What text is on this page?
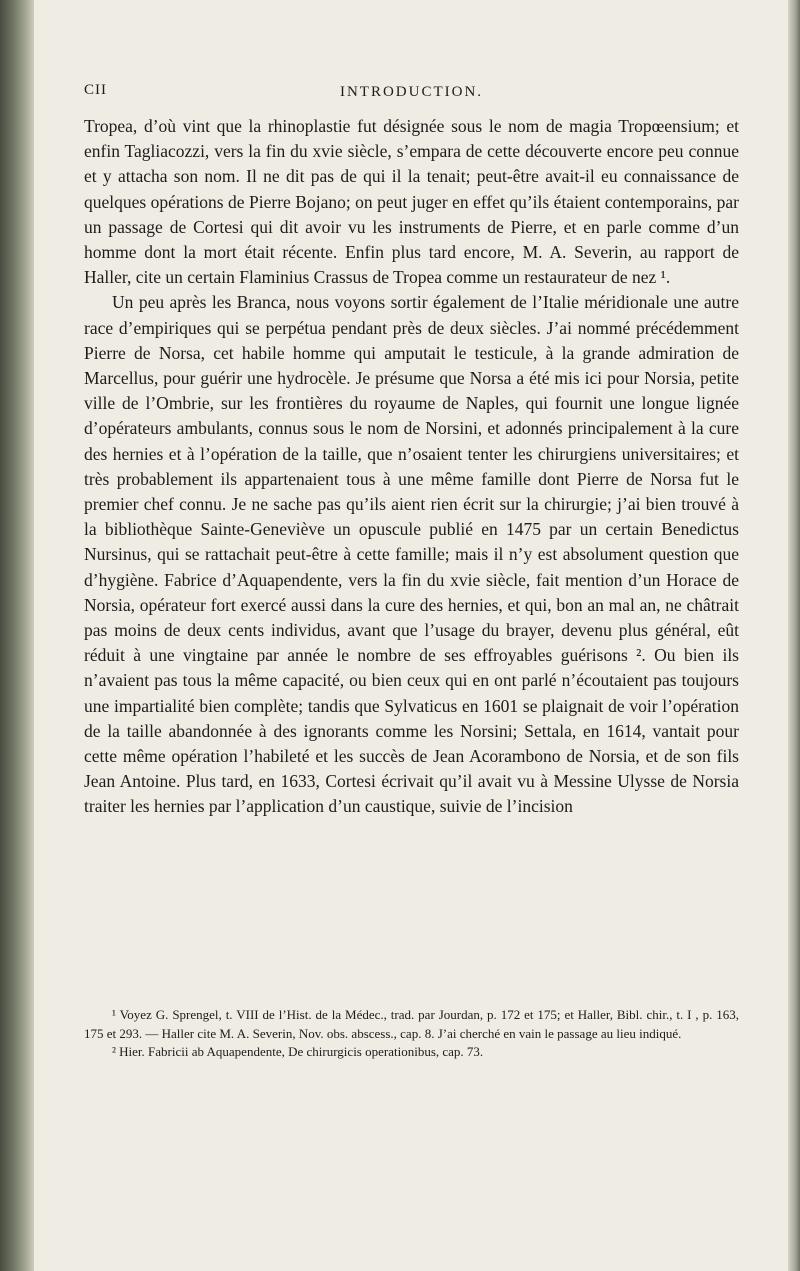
CII	INTRODUCTION.

Tropea, d’où vint que la rhinoplastie fut désignée sous le nom de magia Tropœensium; et enfin Tagliacozzi, vers la fin du xvie siècle, s’empara de cette découverte encore peu connue et y attacha son nom. Il ne dit pas de qui il la tenait; peut-être avait-il eu connaissance de quelques opérations de Pierre Bojano; on peut juger en effet qu’ils étaient contemporains, par un passage de Cortesi qui dit avoir vu les instruments de Pierre, et en parle comme d’un homme dont la mort était récente. Enfin plus tard encore, M. A. Severin, au rapport de Haller, cite un certain Flaminius Crassus de Tropea comme un restaurateur de nez ¹.

Un peu après les Branca, nous voyons sortir également de l’Italie méridionale une autre race d’empiriques qui se perpétua pendant près de deux siècles. J’ai nommé précédemment Pierre de Norsa, cet habile homme qui amputait le testicule, à la grande admiration de Marcellus, pour guérir une hydrocèle. Je présume que Norsa a été mis ici pour Norsia, petite ville de l’Ombrie, sur les frontières du royaume de Naples, qui fournit une longue lignée d’opérateurs ambulants, connus sous le nom de Norsini, et adonnés principalement à la cure des hernies et à l’opération de la taille, que n’osaient tenter les chirurgiens universitaires; et très probablement ils appartenaient tous à une même famille dont Pierre de Norsa fut le premier chef connu. Je ne sache pas qu’ils aient rien écrit sur la chirurgie; j’ai bien trouvé à la bibliothèque Sainte-Geneviève un opuscule publié en 1475 par un certain Benedictus Nursinus, qui se rattachait peut-être à cette famille; mais il n’y est absolument question que d’hygiène. Fabrice d’Aquapendente, vers la fin du xvie siècle, fait mention d’un Horace de Norsia, opérateur fort exercé aussi dans la cure des hernies, et qui, bon an mal an, ne châtrait pas moins de deux cents individus, avant que l’usage du brayer, devenu plus général, eût réduit à une vingtaine par année le nombre de ses effroyables guérisons ². Ou bien ils n’avaient pas tous la même capacité, ou bien ceux qui en ont parlé n’écoutaient pas toujours une impartialité bien complète; tandis que Sylvaticus en 1601 se plaignait de voir l’opération de la taille abandonnée à des ignorants comme les Norsini; Settala, en 1614, vantait pour cette même opération l’habileté et les succès de Jean Acorambono de Norsia, et de son fils Jean Antoine. Plus tard, en 1633, Cortesi écrivait qu’il avait vu à Messine Ulysse de Norsia traiter les hernies par l’application d’un caustique, suivie de l’incision

¹ Voyez G. Sprengel, t. VIII de l’Hist. de la Médec., trad. par Jourdan, p. 172 et 175; et Haller, Bibl. chir., t. I , p. 163, 175 et 293. — Haller cite M. A. Severin, Nov. obs. abscess., cap. 8. J’ai cherché en vain le passage au lieu indiqué.

² Hier. Fabricii ab Aquapendente, De chirurgicis operationibus, cap. 73.
